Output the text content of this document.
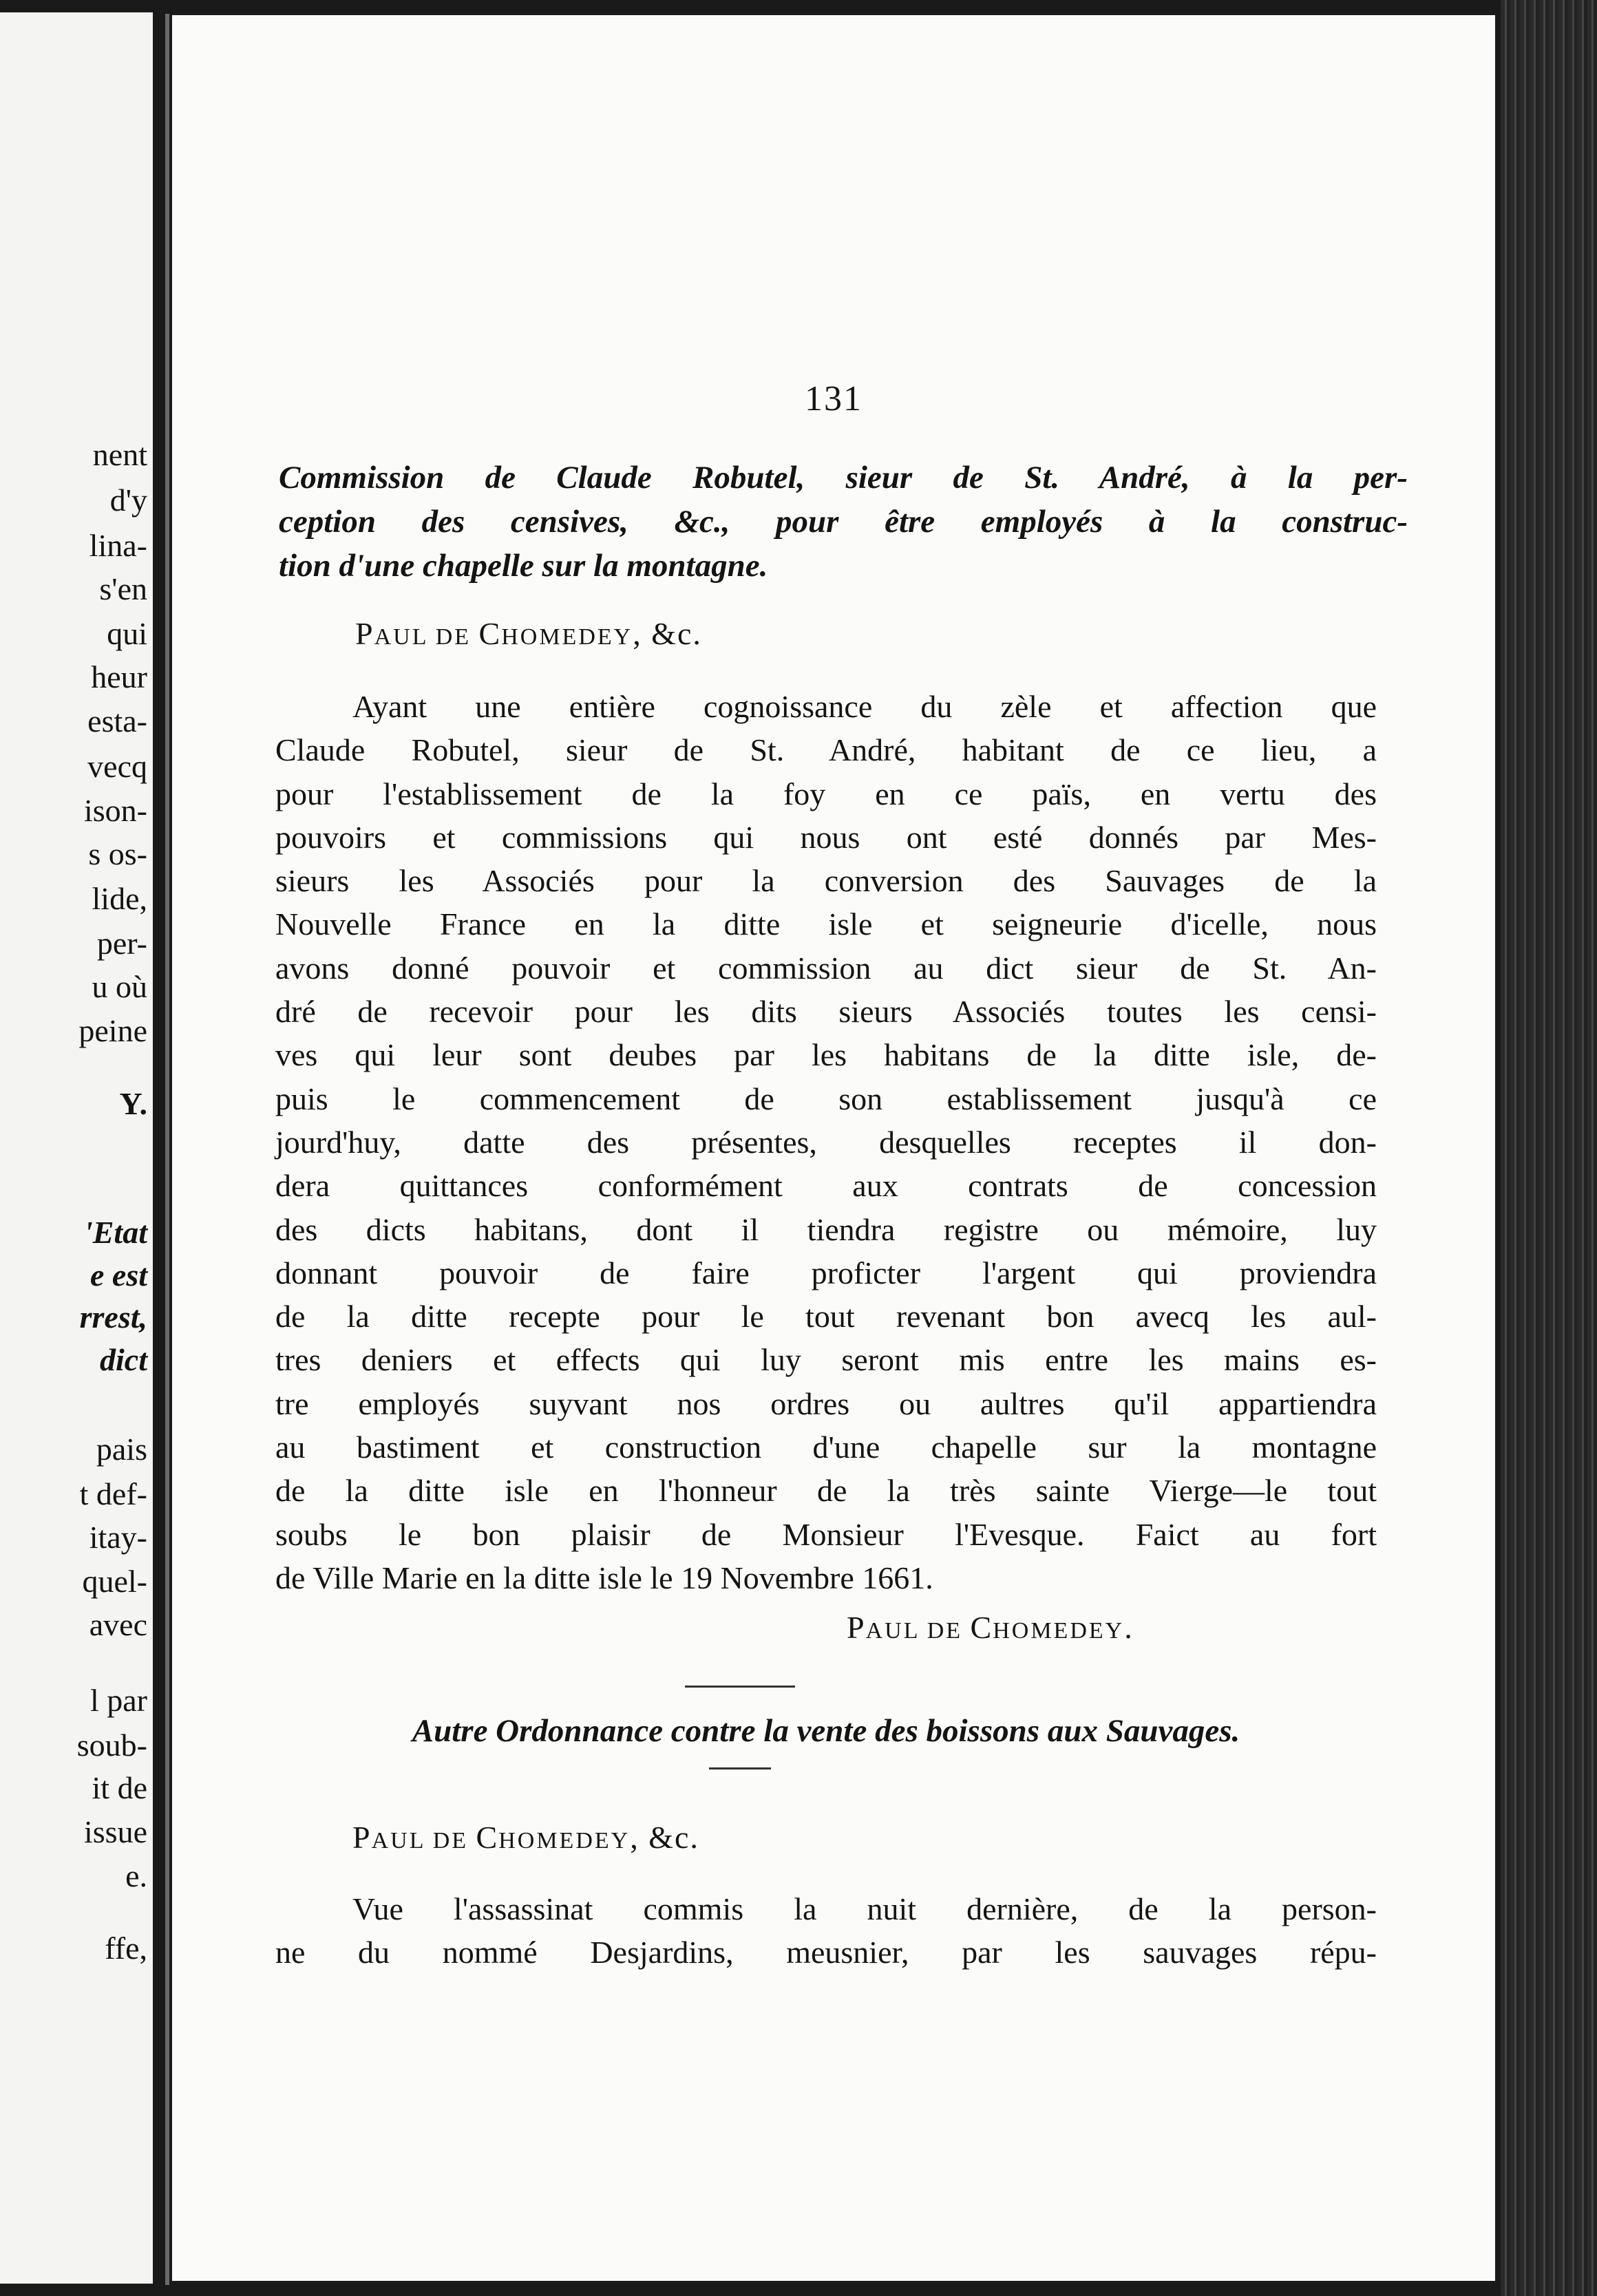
nent
d'y
lina-
s'en
qui
heur
esta-
vecq
ison-
s os-
lide,
per-
u où
peine
Y.
'Etat
e est
rrest,
dict
pais
t def-
itay-
quel-
avec
l par
soub-
it de
issue
e.
ffe,
131
Commission de Claude Robutel, sieur de St. André, à la per-
ception des censives, &c., pour être employés à la construc-
tion d'une chapelle sur la montagne.
PAUL DE CHOMEDEY, &c.
Ayant une entière cognoissance du zèle et affection que
Claude Robutel, sieur de St. André, habitant de ce lieu, a
pour l'establissement de la foy en ce païs, en vertu des
pouvoirs et commissions qui nous ont esté donnés par Mes-
sieurs les Associés pour la conversion des Sauvages de la
Nouvelle France en la ditte isle et seigneurie d'icelle, nous
avons donné pouvoir et commission au dict sieur de St. An-
dré de recevoir pour les dits sieurs Associés toutes les censi-
ves qui leur sont deubes par les habitans de la ditte isle, de-
puis le commencement de son establissement jusqu'à ce
jourd'huy, datte des présentes, desquelles receptes il don-
dera quittances conformément aux contrats de concession
des dicts habitans, dont il tiendra registre ou mémoire, luy
donnant pouvoir de faire proficter l'argent qui proviendra
de la ditte recepte pour le tout revenant bon avecq les aul-
tres deniers et effects qui luy seront mis entre les mains es-
tre employés suyvant nos ordres ou aultres qu'il appartiendra
au bastiment et construction d'une chapelle sur la montagne
de la ditte isle en l'honneur de la très sainte Vierge—le tout
soubs le bon plaisir de Monsieur l'Evesque. Faict au fort
de Ville Marie en la ditte isle le 19 Novembre 1661.
PAUL DE CHOMEDEY.
Autre Ordonnance contre la vente des boissons aux Sauvages.
PAUL DE CHOMEDEY, &c.
Vue l'assassinat commis la nuit dernière, de la person-
ne du nommé Desjardins, meusnier, par les sauvages répu-
